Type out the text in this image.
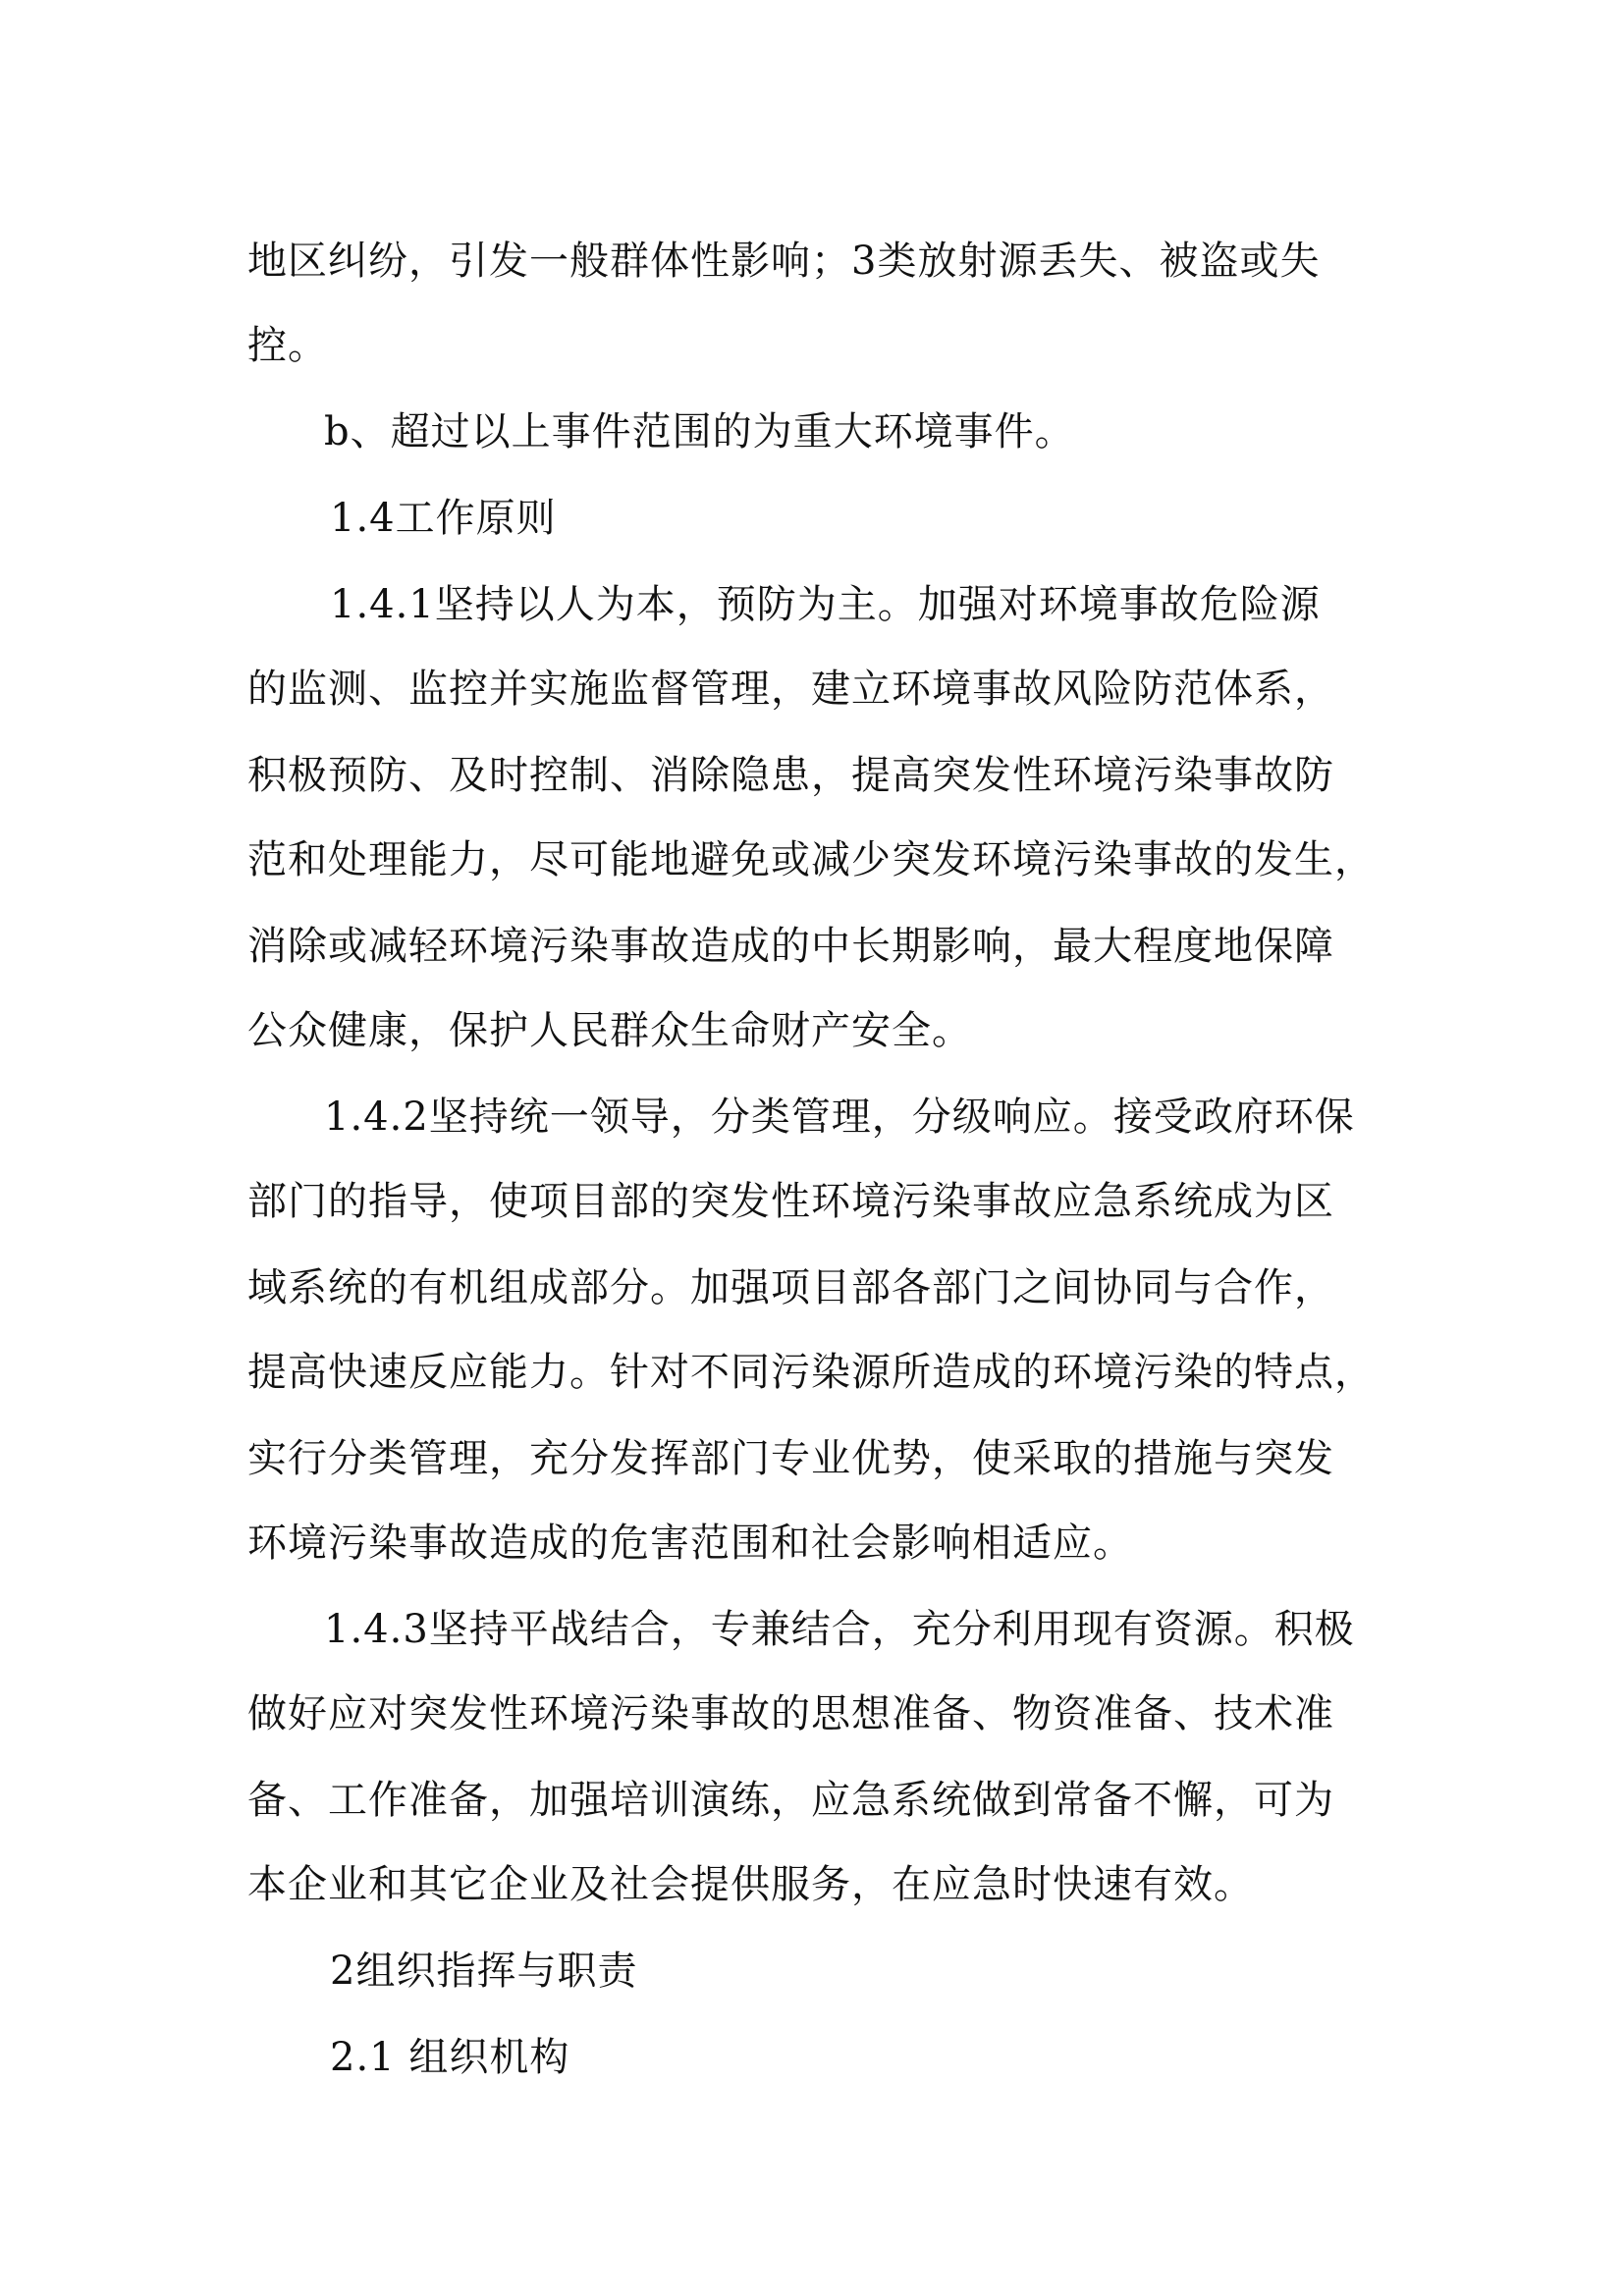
地区纠纷，引发一般群体性影响；3类放射源丢失、被盗或失
控。
b、超过以上事件范围的为重大环境事件。
1.4工作原则
1.4.1坚持以人为本，预防为主。加强对环境事故危险源
的监测、监控并实施监督管理，建立环境事故风险防范体系，
积极预防、及时控制、消除隐患，提高突发性环境污染事故防
范和处理能力，尽可能地避免或减少突发环境污染事故的发生，
消除或减轻环境污染事故造成的中长期影响，最大程度地保障
公众健康，保护人民群众生命财产安全。
1.4.2坚持统一领导，分类管理，分级响应。接受政府环保
部门的指导，使项目部的突发性环境污染事故应急系统成为区
域系统的有机组成部分。加强项目部各部门之间协同与合作，
提高快速反应能力。针对不同污染源所造成的环境污染的特点，
实行分类管理，充分发挥部门专业优势，使采取的措施与突发
环境污染事故造成的危害范围和社会影响相适应。
1.4.3坚持平战结合，专兼结合，充分利用现有资源。积极
做好应对突发性环境污染事故的思想准备、物资准备、技术准
备、工作准备，加强培训演练，应急系统做到常备不懈，可为
本企业和其它企业及社会提供服务，在应急时快速有效。
2组织指挥与职责
2.1 组织机构
